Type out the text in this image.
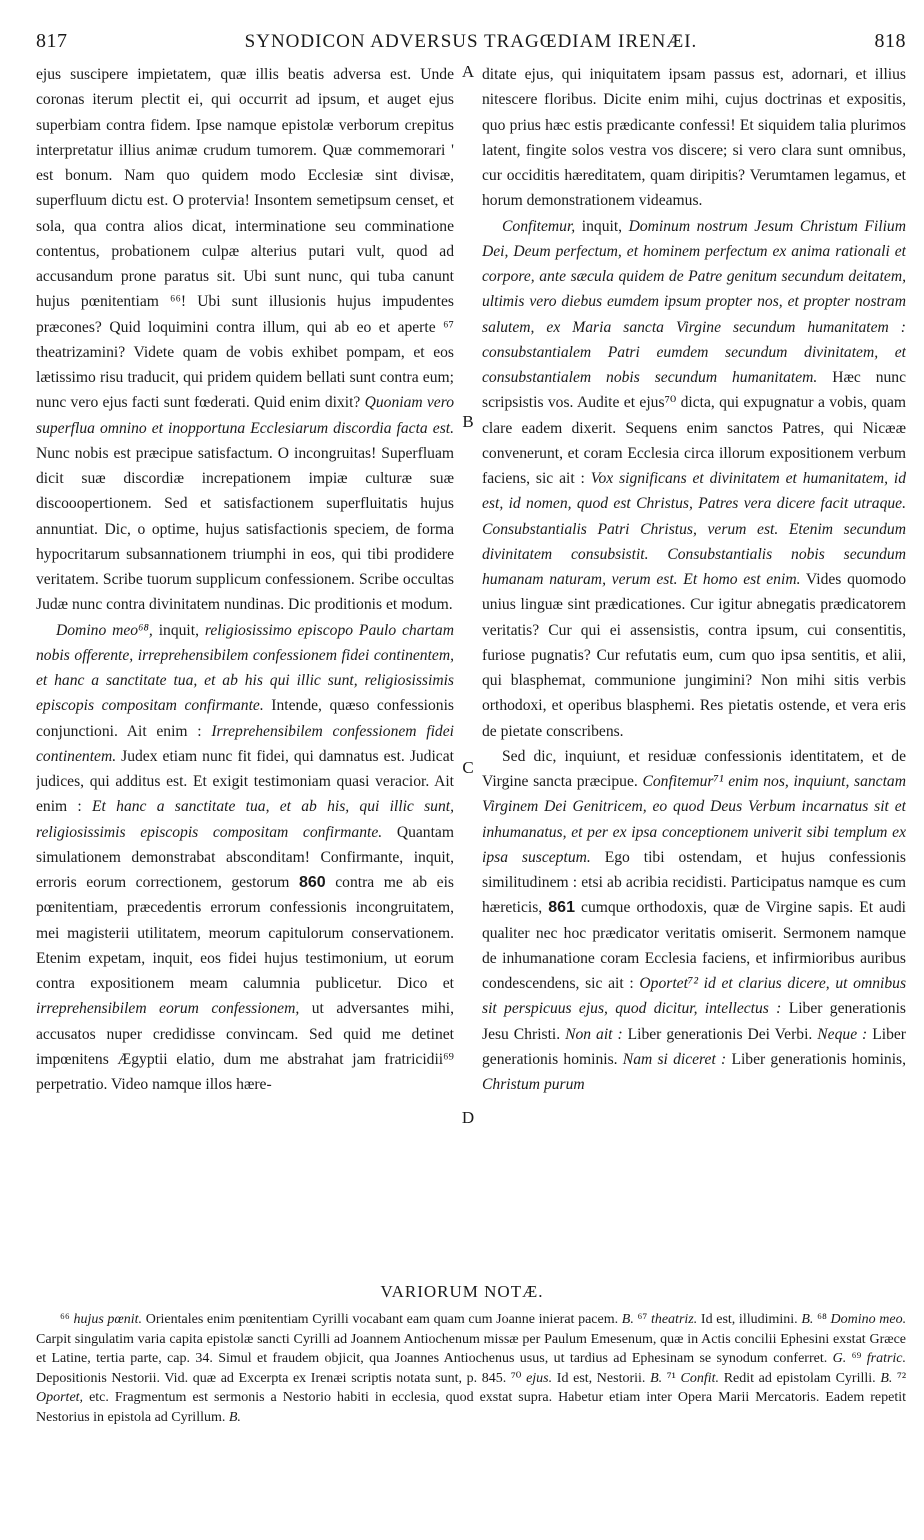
817	SYNODICON ADVERSUS TRAGŒDIAM IRENÆI.	818
A
B
C
D

ejus suscipere impietatem, quæ illis beatis adversa est. Unde coronas iterum plectit ei, qui occurrit ad ipsum, et auget ejus superbiam contra fidem. Ipse namque epistolæ verborum crepitus interpretatur illius animæ crudum tumorem. Quæ commemorari ' est bonum. Nam quo quidem modo Ecclesiæ sint divisæ, superfluum dictu est. O protervia! Insontem semetipsum censet, et sola, qua contra alios dicat, interminatione seu comminatione contentus, probationem culpæ alterius putari vult, quod ad accusandum prone paratus sit. Ubi sunt nunc, qui tuba canunt hujus pœnitentiam ⁶⁶! Ubi sunt illusionis hujus impudentes præcones? Quid loquimini contra illum, qui ab eo et aperte ⁶⁷ theatrizamini? Videte quam de vobis exhibet pompam, et eos lætissimo risu traducit, qui pridem quidem bellati sunt contra eum; nunc vero ejus facti sunt fœderati. Quid enim dixit? Quoniam vero superflua omnino et inopportuna Ecclesiarum discordia facta est. Nunc nobis est præcipue satisfactum. O incongruitas! Superfluam dicit suæ discordiæ increpationem impiæ culturæ suæ discooopertionem. Sed et satisfactionem superfluitatis hujus annuntiat. Dic, o optime, hujus satisfactionis speciem, de forma hypocritarum subsannationem triumphi in eos, qui tibi prodidere veritatem. Scribe tuorum supplicum confessionem. Scribe occultas Judæ nunc contra divinitatem nundinas. Dic proditionis et modum.

Domino meo⁶⁸, inquit, religiosissimo episcopo Paulo chartam nobis offerente, irreprehensibilem confessionem fidei continentem, et hanc a sanctitate tua, et ab his qui illic sunt, religiosissimis episcopis compositam confirmante. Intende, quæso confessionis conjunctioni. Ait enim : Irreprehensibilem confessionem fidei continentem. Judex etiam nunc fit fidei, qui damnatus est. Judicat judices, qui additus est. Et exigit testimoniam quasi veracior. Ait enim : Et hanc a sanctitate tua, et ab his, qui illic sunt, religiosissimis episcopis compositam confirmante. Quantam simulationem demonstrabat absconditam! Confirmante, inquit, erroris eorum correctionem, gestorum 860 contra me ab eis pœnitentiam, præcedentis errorum confessionis incongruitatem, mei magisterii utilitatem, meorum capitulorum conservationem. Etenim expetam, inquit, eos fidei hujus testimonium, ut eorum contra expositionem meam calumnia publicetur. Dico et irreprehensibilem eorum confessionem, ut adversantes mihi, accusatos nuper credidisse convincam. Sed quid me detinet impœnitens Ægyptii elatio, dum me abstrahat jam fratricidii⁶⁹ perpetratio. Video namque illos hære-

ditate ejus, qui iniquitatem ipsam passus est, adornari, et illius nitescere floribus. Dicite enim mihi, cujus doctrinas et expositis, quo prius hæc estis prædicante confessi! Et siquidem talia plurimos latent, fingite solos vestra vos discere; si vero clara sunt omnibus, cur occiditis hæreditatem, quam diripitis? Verumtamen legamus, et horum demonstrationem videamus.

Confitemur, inquit, Dominum nostrum Jesum Christum Filium Dei, Deum perfectum, et hominem perfectum ex anima rationali et corpore, ante sæcula quidem de Patre genitum secundum deitatem, ultimis vero diebus eumdem ipsum propter nos, et propter nostram salutem, ex Maria sancta Virgine secundum humanitatem : consubstantialem Patri eumdem secundum divinitatem, et consubstantialem nobis secundum humanitatem. Hæc nunc scripsistis vos. Audite et ejus⁷⁰ dicta, qui expugnatur a vobis, quam clare eadem dixerit. Sequens enim sanctos Patres, qui Nicææ convenerunt, et coram Ecclesia circa illorum expositionem verbum faciens, sic ait : Vox significans et divinitatem et humanitatem, id est, id nomen, quod est Christus, Patres vera dicere facit utraque. Consubstantialis Patri Christus, verum est. Etenim secundum divinitatem consubsistit. Consubstantialis nobis secundum humanam naturam, verum est. Et homo est enim. Vides quomodo unius linguæ sint prædicationes. Cur igitur abnegatis prædicatorem veritatis? Cur qui ei assensistis, contra ipsum, cui consentitis, furiose pugnatis? Cur refutatis eum, cum quo ipsa sentitis, et alii, qui blasphemat, communione jungimini? Non mihi sitis verbis orthodoxi, et operibus blasphemi. Res pietatis ostende, et vera eris de pietate conscribens.

Sed dic, inquiunt, et residuæ confessionis identitatem, et de Virgine sancta præcipue. Confitemur⁷¹ enim nos, inquiunt, sanctam Virginem Dei Genitricem, eo quod Deus Verbum incarnatus sit et inhumanatus, et per ex ipsa conceptionem univerit sibi templum ex ipsa susceptum. Ego tibi ostendam, et hujus confessionis similitudinem : etsi ab acribia recidisti. Participatus namque es cum hæreticis, 861 cumque orthodoxis, quæ de Virgine sapis. Et audi qualiter nec hoc prædicator veritatis omiserit. Sermonem namque de inhumanatione coram Ecclesia faciens, et infirmioribus auribus condescendens, sic ait : Oportet⁷² id et clarius dicere, ut omnibus sit perspicuus ejus, quod dicitur, intellectus : Liber generationis Jesu Christi. Non ait : Liber generationis Dei Verbi. Neque : Liber generationis hominis. Nam si diceret : Liber generationis hominis, Christum purum

VARIORUM NOTÆ.

⁶⁶ hujus pœnit. Orientales enim pœnitentiam Cyrilli vocabant eam quam cum Joanne inierat pacem. B. ⁶⁷ theatriz. Id est, illudimini. B. ⁶⁸ Domino meo. Carpit singulatim varia capita epistolæ sancti Cyrilli ad Joannem Antiochenum missæ per Paulum Emesenum, quæ in Actis concilii Ephesini exstat Græce et Latine, tertia parte, cap. 34. Simul et fraudem objicit, qua Joannes Antiochenus usus, ut tardius ad Ephesinam se synodum conferret. G. ⁶⁹ fratric. Depositionis Nestorii. Vid. quæ ad Excerpta ex Irenæi scriptis notata sunt, p. 845. ⁷⁰ ejus. Id est, Nestorii. B. ⁷¹ Confit. Redit ad epistolam Cyrilli. B. ⁷² Oportet, etc. Fragmentum est sermonis a Nestorio habiti in ecclesia, quod exstat supra. Habetur etiam inter Opera Marii Mercatoris. Eadem repetit Nestorius in epistola ad Cyrillum. B.
